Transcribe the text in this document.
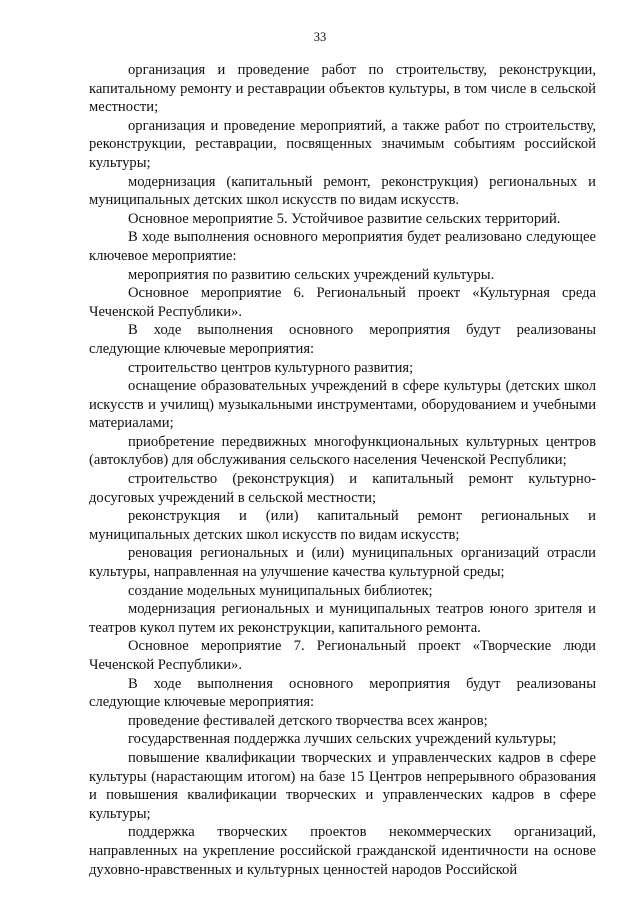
33

организация и проведение работ по строительству, реконструкции, капитальному ремонту и реставрации объектов культуры, в том числе в сельской местности;

организация и проведение мероприятий, а также работ по строительству, реконструкции, реставрации, посвященных значимым событиям российской культуры;

модернизация (капитальный ремонт, реконструкция) региональных и муниципальных детских школ искусств по видам искусств.

Основное мероприятие 5. Устойчивое развитие сельских территорий.

В ходе выполнения основного мероприятия будет реализовано следующее ключевое мероприятие:

мероприятия по развитию сельских учреждений культуры.

Основное мероприятие 6. Региональный проект «Культурная среда Чеченской Республики».

В ходе выполнения основного мероприятия будут реализованы следующие ключевые мероприятия:

строительство центров культурного развития;

оснащение образовательных учреждений в сфере культуры (детских школ искусств и училищ) музыкальными инструментами, оборудованием и учебными материалами;

приобретение передвижных многофункциональных культурных центров (автоклубов) для обслуживания сельского населения Чеченской Республики;

строительство (реконструкция) и капитальный ремонт культурно-досуговых учреждений в сельской местности;

реконструкция и (или) капитальный ремонт региональных и муниципальных детских школ искусств по видам искусств;

реновация региональных и (или) муниципальных организаций отрасли культуры, направленная на улучшение качества культурной среды;

создание модельных муниципальных библиотек;

модернизация региональных и муниципальных театров юного зрителя и театров кукол путем их реконструкции, капитального ремонта.

Основное мероприятие 7. Региональный проект «Творческие люди Чеченской Республики».

В ходе выполнения основного мероприятия будут реализованы следующие ключевые мероприятия:

проведение фестивалей детского творчества всех жанров;

государственная поддержка лучших сельских учреждений культуры;

повышение квалификации творческих и управленческих кадров в сфере культуры (нарастающим итогом) на базе 15 Центров непрерывного образования и повышения квалификации творческих и управленческих кадров в сфере культуры;

поддержка творческих проектов некоммерческих организаций, направленных на укрепление российской гражданской идентичности на основе духовно-нравственных и культурных ценностей народов Российской
